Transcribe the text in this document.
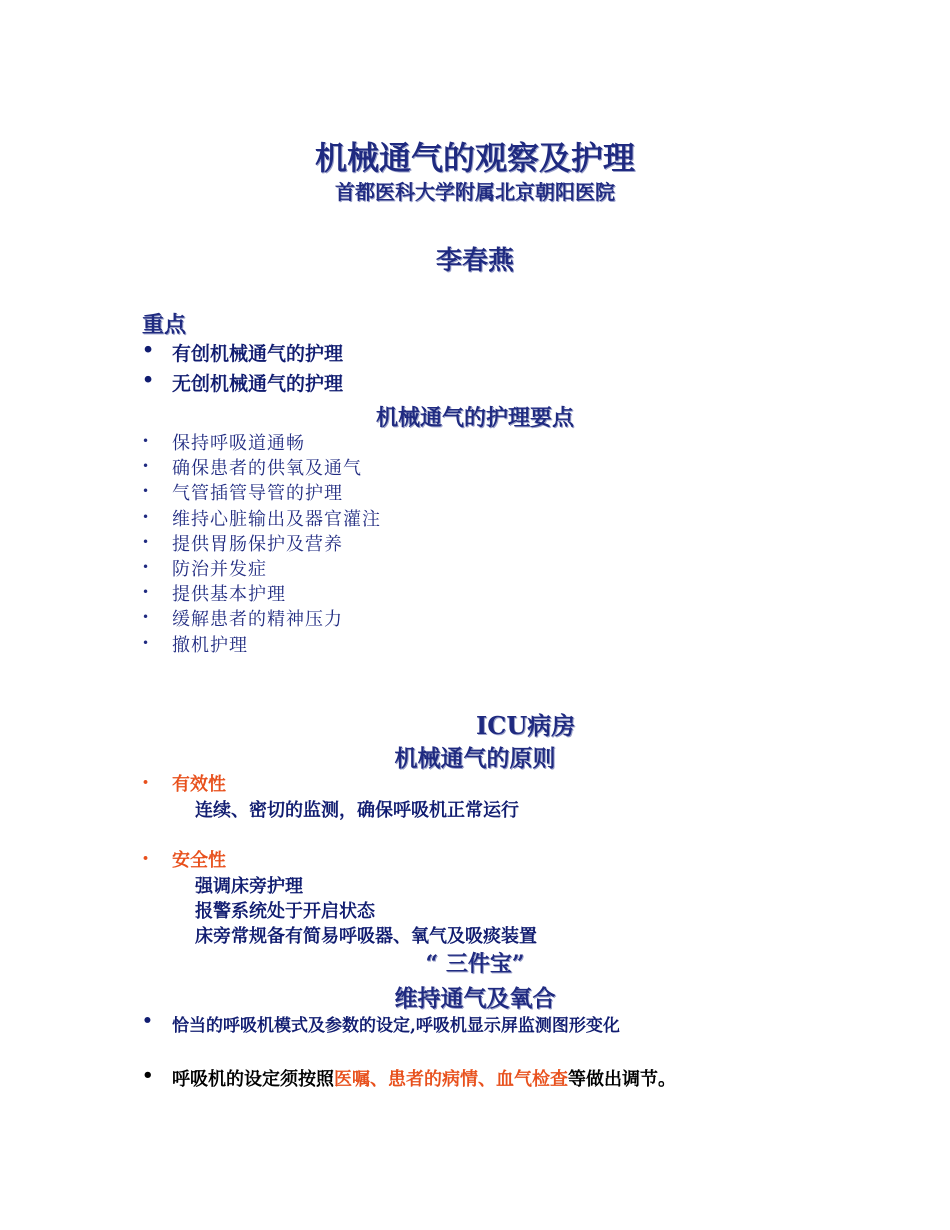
机械通气的观察及护理
首都医科大学附属北京朝阳医院
李春燕
重点
• 有创机械通气的护理
• 无创机械通气的护理
机械通气的护理要点
• 保持呼吸道通畅
• 确保患者的供氧及通气
• 气管插管导管的护理
• 维持心脏输出及器官灌注
• 提供胃肠保护及营养
• 防治并发症
• 提供基本护理
• 缓解患者的精神压力
• 撤机护理
ICU病房
机械通气的原则
• 有效性
连续、密切的监测，确保呼吸机正常运行
• 安全性
强调床旁护理
报警系统处于开启状态
床旁常规备有简易呼吸器、氧气及吸痰装置
“ 三件宝”
维持通气及氧合
• 恰当的呼吸机模式及参数的设定,呼吸机显示屏监测图形变化
• 呼吸机的设定须按照医嘱、患者的病情、血气检查等做出调节。
